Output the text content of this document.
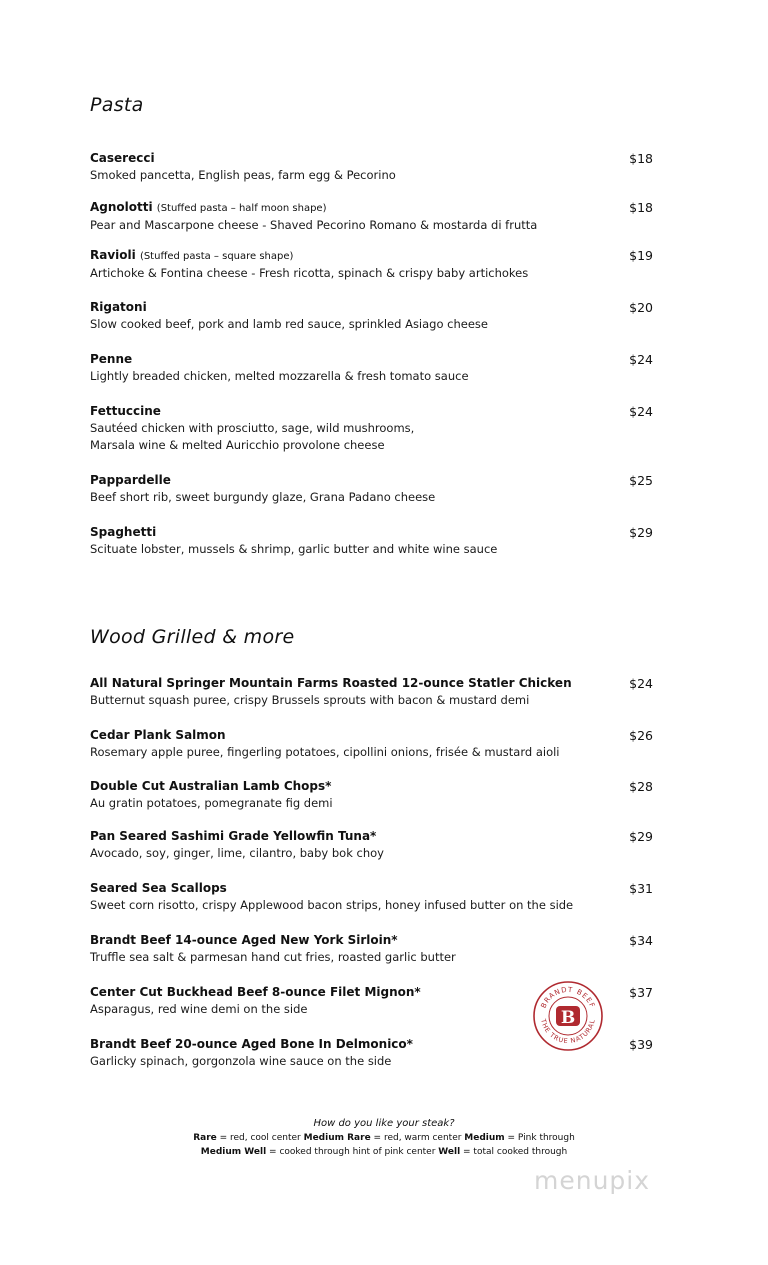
Pasta
Caserecci
Smoked pancetta, English peas, farm egg & Pecorino
$18
Agnolotti (Stuffed pasta – half moon shape)
Pear and Mascarpone cheese - Shaved Pecorino Romano & mostarda di frutta
$18
Ravioli (Stuffed pasta – square shape)
Artichoke & Fontina cheese - Fresh ricotta, spinach & crispy baby artichokes
$19
Rigatoni
Slow cooked beef, pork and lamb red sauce, sprinkled Asiago cheese
$20
Penne
Lightly breaded chicken, melted mozzarella & fresh tomato sauce
$24
Fettuccine
Sautéed chicken with prosciutto, sage, wild mushrooms,
Marsala wine & melted Auricchio provolone cheese
$24
Pappardelle
Beef short rib, sweet burgundy glaze, Grana Padano cheese
$25
Spaghetti
Scituate lobster, mussels & shrimp, garlic butter and white wine sauce
$29
Wood Grilled & more
All Natural Springer Mountain Farms Roasted 12-ounce Statler Chicken
Butternut squash puree, crispy Brussels sprouts with bacon & mustard demi
$24
Cedar Plank Salmon
Rosemary apple puree, fingerling potatoes, cipollini onions, frisée & mustard aioli
$26
Double Cut Australian Lamb Chops*
Au gratin potatoes, pomegranate fig demi
$28
Pan Seared Sashimi Grade Yellowfin Tuna*
Avocado, soy, ginger, lime, cilantro, baby bok choy
$29
Seared Sea Scallops
Sweet corn risotto, crispy Applewood bacon strips, honey infused butter on the side
$31
Brandt Beef 14-ounce Aged New York Sirloin*
Truffle sea salt & parmesan hand cut fries, roasted garlic butter
$34
Center Cut Buckhead Beef 8-ounce Filet Mignon*
Asparagus, red wine demi on the side
$37
Brandt Beef 20-ounce Aged Bone In Delmonico*
Garlicky spinach, gorgonzola wine sauce on the side
$39
BRANDT BEEF
THE TRUE NATURAL
B
How do you like your steak?
Rare = red, cool center Medium Rare = red, warm center Medium = Pink through
Medium Well = cooked through hint of pink center Well = total cooked through
menupix
